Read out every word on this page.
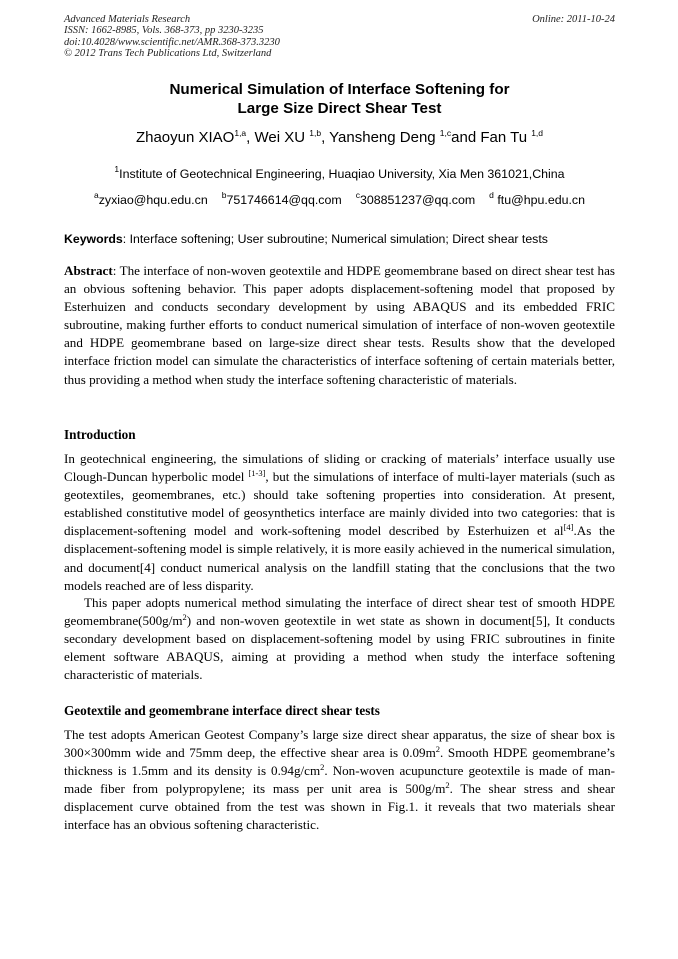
Advanced Materials Research
ISSN: 1662-8985, Vols. 368-373, pp 3230-3235
doi:10.4028/www.scientific.net/AMR.368-373.3230
© 2012 Trans Tech Publications Ltd, Switzerland
Online: 2011-10-24
Numerical Simulation of Interface Softening for
Large Size Direct Shear Test
Zhaoyun XIAO$^{1,a}$, Wei XU $^{1,b}$, Yansheng Deng $^{1,c}$and Fan Tu $^{1,d}$
$^1$Institute of Geotechnical Engineering, Huaqiao University, Xia Men 361021,China
$^a$zyxiao@hqu.edu.cn $^b$751746614@qq.com $^c$308851237@qq.com $^d$ ftu@hpu.edu.cn
Keywords: Interface softening; User subroutine; Numerical simulation; Direct shear tests

Abstract: The interface of non-woven geotextile and HDPE geomembrane based on direct shear test has an obvious softening behavior. This paper adopts displacement-softening model that proposed by Esterhuizen and conducts secondary development by using ABAQUS and its embedded FRIC subroutine, making further efforts to conduct numerical simulation of interface of non-woven geotextile and HDPE geomembrane based on large-size direct shear tests. Results show that the developed interface friction model can simulate the characteristics of interface softening of certain materials better, thus providing a method when study the interface softening characteristic of materials.

Introduction

In geotechnical engineering, the simulations of sliding or cracking of materials’ interface usually use Clough-Duncan hyperbolic model [1-3], but the simulations of interface of multi-layer materials (such as geotextiles, geomembranes, etc.) should take softening properties into consideration. At present, established constitutive model of geosynthetics interface are mainly divided into two categories: that is displacement-softening model and work-softening model described by Esterhuizen et al[4].As the displacement-softening model is simple relatively, it is more easily achieved in the numerical simulation, and document[4] conduct numerical analysis on the landfill stating that the conclusions that the two models reached are of less disparity.

This paper adopts numerical method simulating the interface of direct shear test of smooth HDPE $geomembrane(500g/m^2)$ and non-woven geotextile in wet state as shown in document[5], It conducts secondary development based on displacement-softening model by using FRIC subroutines in finite element software ABAQUS, aiming at providing a method when study the interface softening characteristic of materials.

Geotextile and geomembrane interface direct shear tests

The test adopts American Geotest Company’s large size direct shear apparatus, the size of shear box is 300×300mm wide and 75mm deep, the effective shear area is $0.09m^2$. Smooth HDPE geomembrane’s thickness is 1.5mm and its density is $0.94g/cm^2$. Non-woven acupuncture geotextile is made of man-made fiber from polypropylene; its mass per unit area is $500g/m^2$. The shear stress and shear displacement curve obtained from the test was shown in Fig.1. it reveals that two materials shear interface has an obvious softening characteristic.
